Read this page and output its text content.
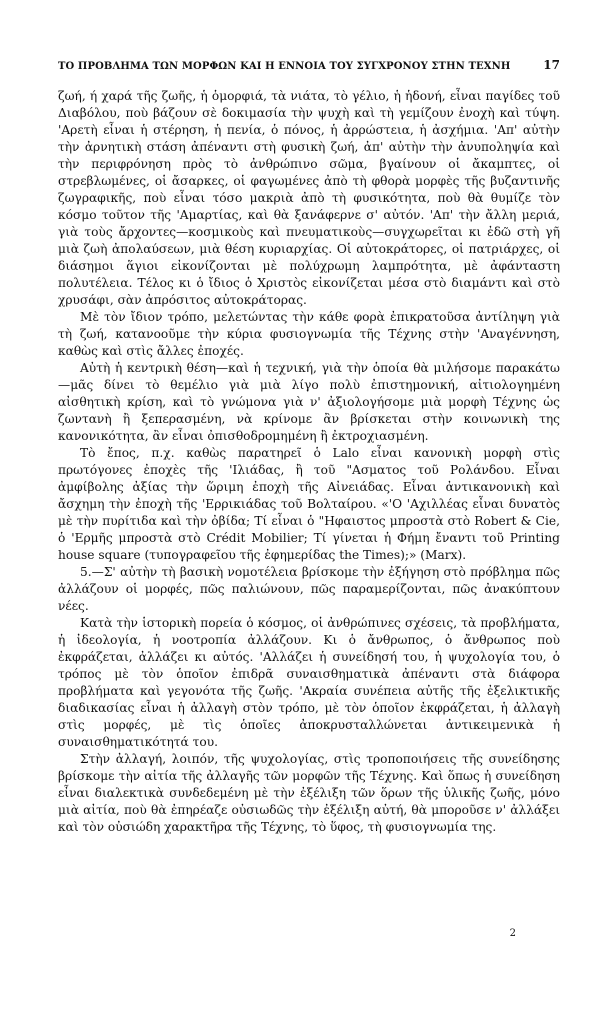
ΤΟ ΠΡΟΒΛΗΜΑ ΤΩΝ ΜΟΡΦΩΝ ΚΑΙ Η ΕΝΝΟΙΑ ΤΟΥ ΣΥΓΧΡΟΝΟΥ ΣΤΗΝ ΤΕΧΝΗ	17

ζωή, ή χαρά τῆς ζωῆς, ἡ ὁμορφιά, τὰ νιάτα, τὸ γέλιο, ἡ ἡδονή, εἶναι παγίδες τοῦ Διαβόλου, ποὺ βάζουν σὲ δοκιμασία τὴν ψυχὴ καὶ τὴ γεμίζουν ἐνοχὴ καὶ τύψη. 'Αρετὴ εἶναι ἡ στέρηση, ἡ πενία, ὁ πόνος, ἡ ἀρρώστεια, ἡ ἀσχήμια. 'Απ' αὐτὴν τὴν ἀρνητικὴ στάση ἀπέναντι στὴ φυσικὴ ζωή, ἀπ' αὐτὴν τὴν ἀνυποληψία καὶ τὴν περιφρόνηση πρὸς τὸ ἀνθρώπινο σῶμα, βγαίνουν οἱ ἄκαμπτες, οἱ στρεβλωμένες, οἱ ἄσαρκες, οἱ φαγωμένες ἀπὸ τὴ φθορὰ μορφὲς τῆς βυζαντινῆς ζωγραφικῆς, ποὺ εἶναι τόσο μακριὰ ἀπὸ τὴ φυσικότητα, ποὺ θὰ θυμίζε τὸν κόσμο τοῦτον τῆς 'Αμαρτίας, καὶ θὰ ξανάφερνε σ' αὐτόν. 'Απ' τὴν ἄλλη μεριά, γιὰ τοὺς ἄρχοντες—κοσμικοὺς καὶ πνευματικοὺς—συγχωρεῖται κι ἐδῶ στὴ γῆ μιὰ ζωὴ ἀπολαύσεων, μιὰ θέση κυριαρχίας. Οἱ αὐτοκράτορες, οἱ πατριάρχες, οἱ διάσημοι ἅγιοι εἰκονίζονται μὲ πολύχρωμη λαμπρότητα, μὲ ἀφάνταστη πολυτέλεια. Τέλος κι ὁ ἴδιος ὁ Χριστὸς εἰκονίζεται μέσα στὸ διαμάντι καὶ στὸ χρυσάφι, σὰν ἀπρόσιτος αὐτοκράτορας.

Μὲ τὸν ἴδιον τρόπο, μελετώντας τὴν κάθε φορὰ ἐπικρατοῦσα ἀντίληψη γιὰ τὴ ζωή, κατανοοῦμε τὴν κύρια φυσιογνωμία τῆς Τέχνης στὴν 'Αναγέννηση, καθὼς καὶ στὶς ἄλλες ἐποχές.

Αὐτὴ ἡ κεντρικὴ θέση—καὶ ἡ τεχνική, γιὰ τὴν ὁποία θὰ μιλήσομε παρακάτω—μᾶς δίνει τὸ θεμέλιο γιὰ μιὰ λίγο πολὺ ἐπιστημονική, αἰτιολογημένη αἰσθητικὴ κρίση, καὶ τὸ γνώμονα γιὰ ν' ἀξιολογήσομε μιὰ μορφὴ Τέχνης ὡς ζωντανὴ ἢ ξεπερασμένη, νὰ κρίνομε ἂν βρίσκεται στὴν κοινωνικὴ της κανονικότητα, ἂν εἶναι ὀπισθοδρομημένη ἢ ἐκτροχιασμένη.

Τὸ ἔπος, π.χ. καθὼς παρατηρεῖ ὁ Lalo εἶναι κανονικὴ μορφὴ στὶς πρωτόγονες ἐποχὲς τῆς 'Ιλιάδας, ἢ τοῦ "Ασματος τοῦ Ρολάνδου. Εἶναι ἀμφίβολης ἀξίας τὴν ὥριμη ἐποχὴ τῆς Αἰνειάδας. Εἶναι ἀντικανονικὴ καὶ ἄσχημη τὴν ἐποχὴ τῆς 'Ερρικιάδας τοῦ Βολταίρου. «'Ο 'Αχιλλέας εἶναι δυνατὸς μὲ τὴν πυρίτιδα καὶ τὴν ὀβίδα; Τί εἶναι ὁ "Ηφαιστος μπροστὰ στὸ Robert & Cie, ὁ 'Ερμῆς μπροστὰ στὸ Crédit Mobilier; Τί γίνεται ἡ Φήμη ἔναντι τοῦ Printing house square (τυπογραφεῖου τῆς ἐφημερίδας the Times);» (Marx).

5.—Σ' αὐτὴν τὴ βασικὴ νομοτέλεια βρίσκομε τὴν ἐξήγηση στὸ πρόβλημα πῶς ἀλλάζουν οἱ μορφές, πῶς παλιώνουν, πῶς παραμερίζονται, πῶς ἀνακύπτουν νέες.

Κατὰ τὴν ἱστορικὴ πορεία ὁ κόσμος, οἱ ἀνθρώπινες σχέσεις, τὰ προβλήματα, ἡ ἰδεολογία, ἡ νοοτροπία ἀλλάζουν. Κι ὁ ἄνθρωπος, ὁ ἄνθρωπος ποὺ ἐκφράζεται, ἀλλάζει κι αὐτός. 'Αλλάζει ἡ συνείδησή του, ἡ ψυχολογία του, ὁ τρόπος μὲ τὸν ὁποῖον ἐπιδρᾶ συναισθηματικὰ ἀπέναντι στὰ διάφορα προβλήματα καὶ γεγονότα τῆς ζωῆς. 'Ακραία συνέπεια αὐτῆς τῆς ἐξελικτικῆς διαδικασίας εἶναι ἡ ἀλλαγὴ στὸν τρόπο, μὲ τὸν ὁποῖον ἐκφράζεται, ἡ ἀλλαγὴ στὶς μορφές, μὲ τὶς ὁποῖες ἀποκρυσταλλώνεται ἀντικειμενικὰ ἡ συναισθηματικότητά του.

Στὴν ἀλλαγή, λοιπόν, τῆς ψυχολογίας, στὶς τροποποιήσεις τῆς συνείδησης βρίσκομε τὴν αἰτία τῆς ἀλλαγῆς τῶν μορφῶν τῆς Τέχνης. Καὶ ὅπως ἡ συνείδηση εἶναι διαλεκτικὰ συνδεδεμένη μὲ τὴν ἐξέλιξη τῶν ὅρων τῆς ὑλικῆς ζωῆς, μόνο μιὰ αἰτία, ποὺ θὰ ἐπηρέαζε οὐσιωδῶς τὴν ἐξέλιξη αὐτή, θὰ μποροῦσε ν' ἀλλάξει καὶ τὸν οὐσιώδη χαρακτῆρα τῆς Τέχνης, τὸ ὕφος, τὴ φυσιογνωμία της.

2
